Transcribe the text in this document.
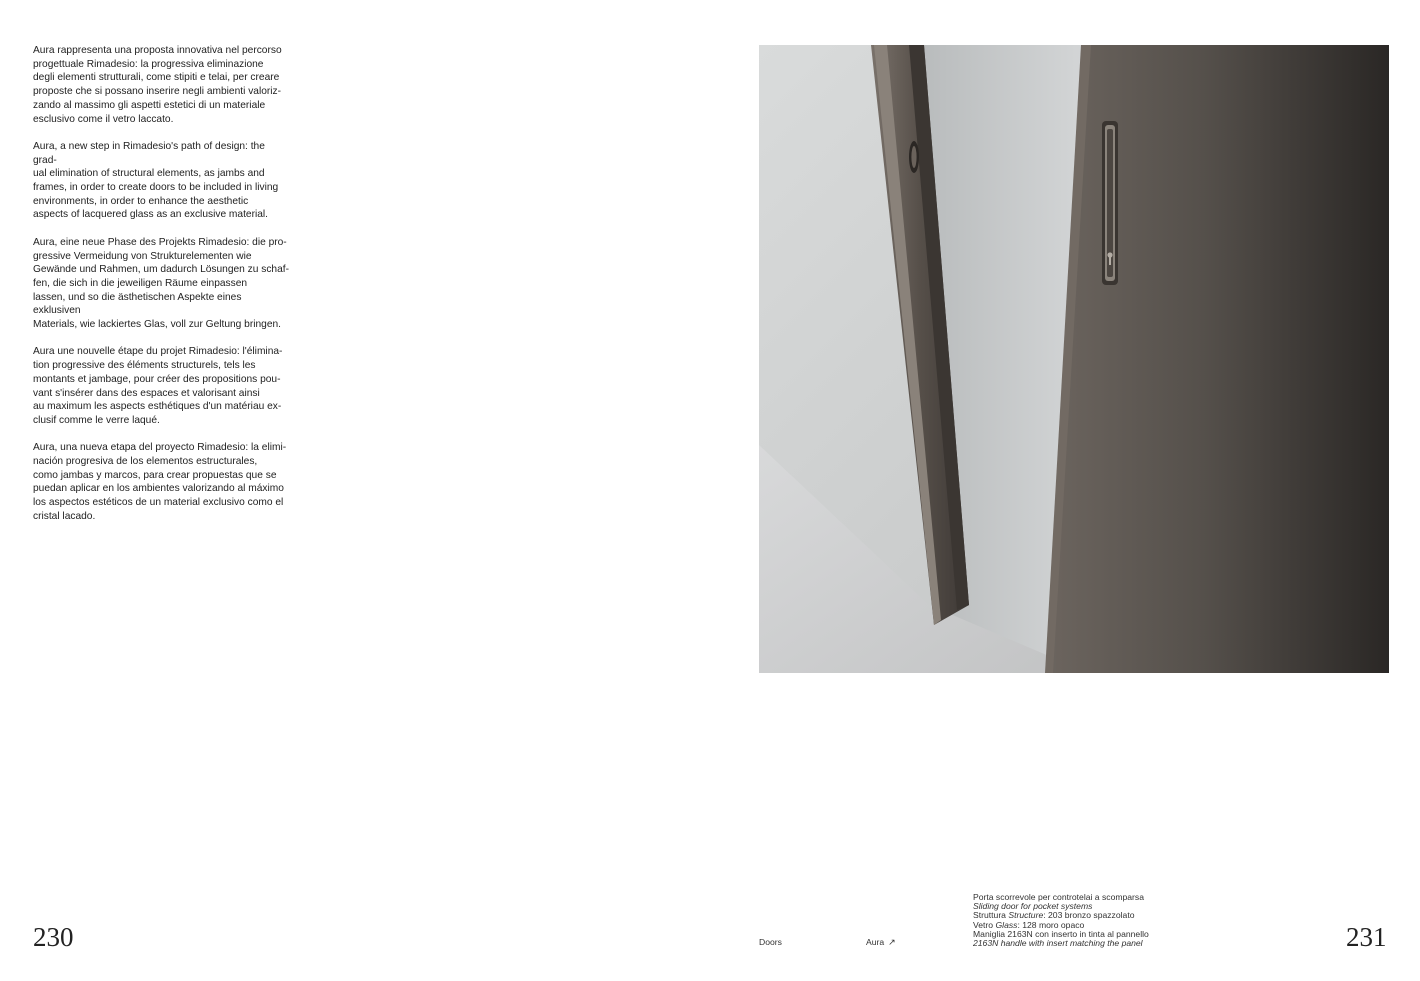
Aura rappresenta una proposta innovativa nel percorso
progettuale Rimadesio: la progressiva eliminazione
degli elementi strutturali, come stipiti e telai, per creare
proposte che si possano inserire negli ambienti valoriz-
zando al massimo gli aspetti estetici di un materiale
esclusivo come il vetro laccato.

Aura, a new step in Rimadesio's path of design: the grad-
ual elimination of structural elements, as jambs and
frames, in order to create doors to be included in living
environments, in order to enhance the aesthetic
aspects of lacquered glass as an exclusive material.

Aura, eine neue Phase des Projekts Rimadesio: die pro-
gressive Vermeidung von Strukturelementen wie
Gewände und Rahmen, um dadurch Lösungen zu schaf-
fen, die sich in die jeweiligen Räume einpassen
lassen, und so die ästhetischen Aspekte eines exklusiven
Materials, wie lackiertes Glas, voll zur Geltung bringen.

Aura une nouvelle étape du projet Rimadesio: l'élimina-
tion progressive des éléments structurels, tels les
montants et jambage, pour créer des propositions pou-
vant s'insérer dans des espaces et valorisant ainsi
au maximum les aspects esthétiques d'un matériau ex-
clusif comme le verre laqué.

Aura, una nueva etapa del proyecto Rimadesio: la elimi-
nación progresiva de los elementos estructurales,
como jambas y marcos, para crear propuestas que se
puedan aplicar en los ambientes valorizando al máximo
los aspectos estéticos de un material exclusivo como el
cristal lacado.

Porta scorrevole per controtelai a scomparsa
Sliding door for pocket systems
Struttura Structure: 203 bronzo spazzolato
Vetro Glass: 128 moro opaco
Maniglia 2163N con inserto in tinta al pannello
2163N handle with insert matching the panel
230	231
Doors	Aura ↗
